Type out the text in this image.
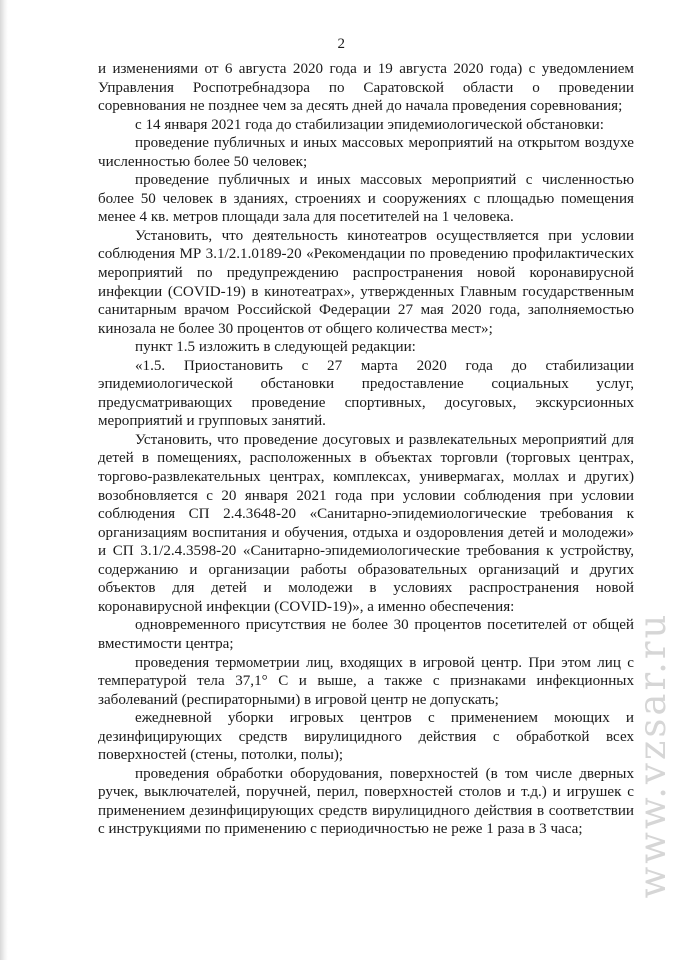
2

и изменениями от 6 августа 2020 года и 19 августа 2020 года) с уведомлением Управления Роспотребнадзора по Саратовской области о проведении соревнования не позднее чем за десять дней до начала проведения соревнования;

с 14 января 2021 года до стабилизации эпидемиологической обстановки:

проведение публичных и иных массовых мероприятий на открытом воздухе численностью более 50 человек;

проведение публичных и иных массовых мероприятий с численностью более 50 человек в зданиях, строениях и сооружениях с площадью помещения менее 4 кв. метров площади зала для посетителей на 1 человека.

Установить, что деятельность кинотеатров осуществляется при условии соблюдения МР 3.1/2.1.0189-20 «Рекомендации по проведению профилактических мероприятий по предупреждению распространения новой коронавирусной инфекции (COVID-19) в кинотеатрах», утвержденных Главным государственным санитарным врачом Российской Федерации 27 мая 2020 года, заполняемостью кинозала не более 30 процентов от общего количества мест»;

пункт 1.5 изложить в следующей редакции:

«1.5. Приостановить с 27 марта 2020 года до стабилизации эпидемиологической обстановки предоставление социальных услуг, предусматривающих проведение спортивных, досуговых, экскурсионных мероприятий и групповых занятий.

Установить, что проведение досуговых и развлекательных мероприятий для детей в помещениях, расположенных в объектах торговли (торговых центрах, торгово-развлекательных центрах, комплексах, универмагах, моллах и других) возобновляется с 20 января 2021 года при условии соблюдения при условии соблюдения СП 2.4.3648-20 «Санитарно-эпидемиологические требования к организациям воспитания и обучения, отдыха и оздоровления детей и молодежи» и СП 3.1/2.4.3598-20 «Санитарно-эпидемиологические требования к устройству, содержанию и организации работы образовательных организаций и других объектов для детей и молодежи в условиях распространения новой коронавирусной инфекции (COVID-19)», а именно обеспечения:

одновременного присутствия не более 30 процентов посетителей от общей вместимости центра;

проведения термометрии лиц, входящих в игровой центр. При этом лиц с температурой тела 37,1° С и выше, а также с признаками инфекционных заболеваний (респираторными) в игровой центр не допускать;

ежедневной уборки игровых центров с применением моющих и дезинфицирующих средств вирулицидного действия с обработкой всех поверхностей (стены, потолки, полы);

проведения обработки оборудования, поверхностей (в том числе дверных ручек, выключателей, поручней, перил, поверхностей столов и т.д.) и игрушек с применением дезинфицирующих средств вирулицидного действия в соответствии с инструкциями по применению с периодичностью не реже 1 раза в 3 часа;	www.vzsar.ru
